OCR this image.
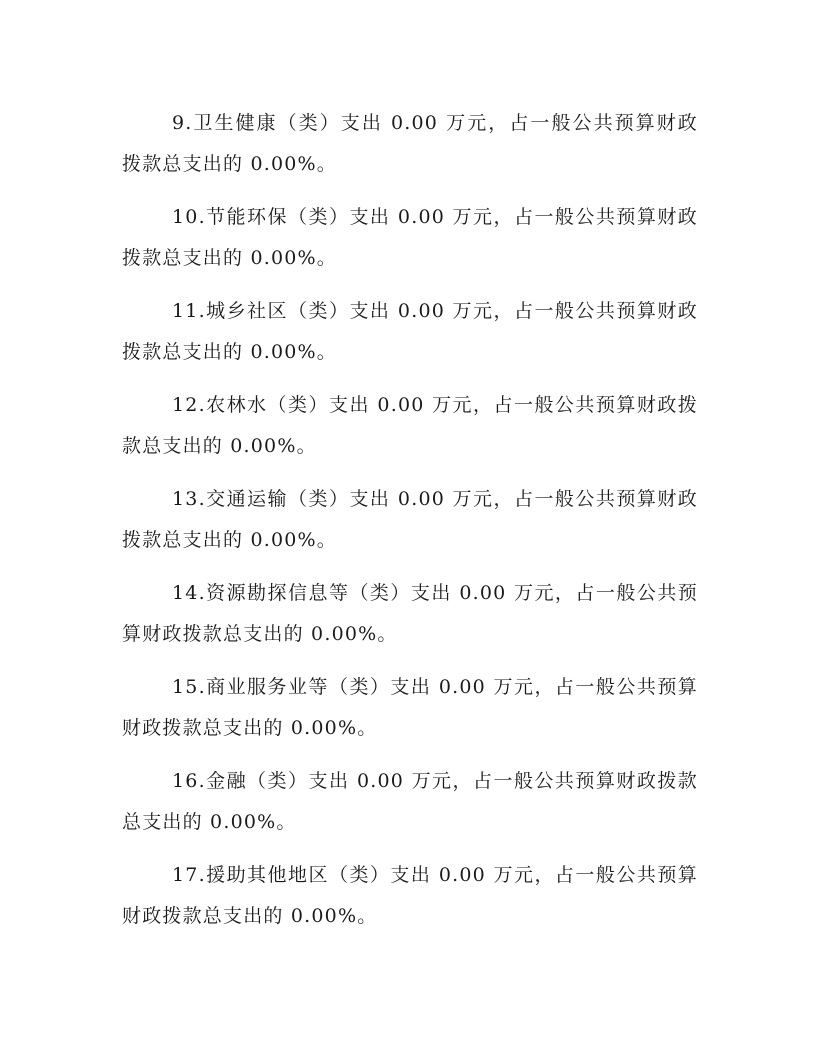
9.卫生健康（类）支出 0.00 万元，占一般公共预算财政拨款总支出的 0.00%。

10.节能环保（类）支出 0.00 万元，占一般公共预算财政拨款总支出的 0.00%。

11.城乡社区（类）支出 0.00 万元，占一般公共预算财政拨款总支出的 0.00%。

12.农林水（类）支出 0.00 万元，占一般公共预算财政拨款总支出的 0.00%。

13.交通运输（类）支出 0.00 万元，占一般公共预算财政拨款总支出的 0.00%。

14.资源勘探信息等（类）支出 0.00 万元，占一般公共预算财政拨款总支出的 0.00%。

15.商业服务业等（类）支出 0.00 万元，占一般公共预算财政拨款总支出的 0.00%。

16.金融（类）支出 0.00 万元，占一般公共预算财政拨款总支出的 0.00%。

17.援助其他地区（类）支出 0.00 万元，占一般公共预算财政拨款总支出的 0.00%。
